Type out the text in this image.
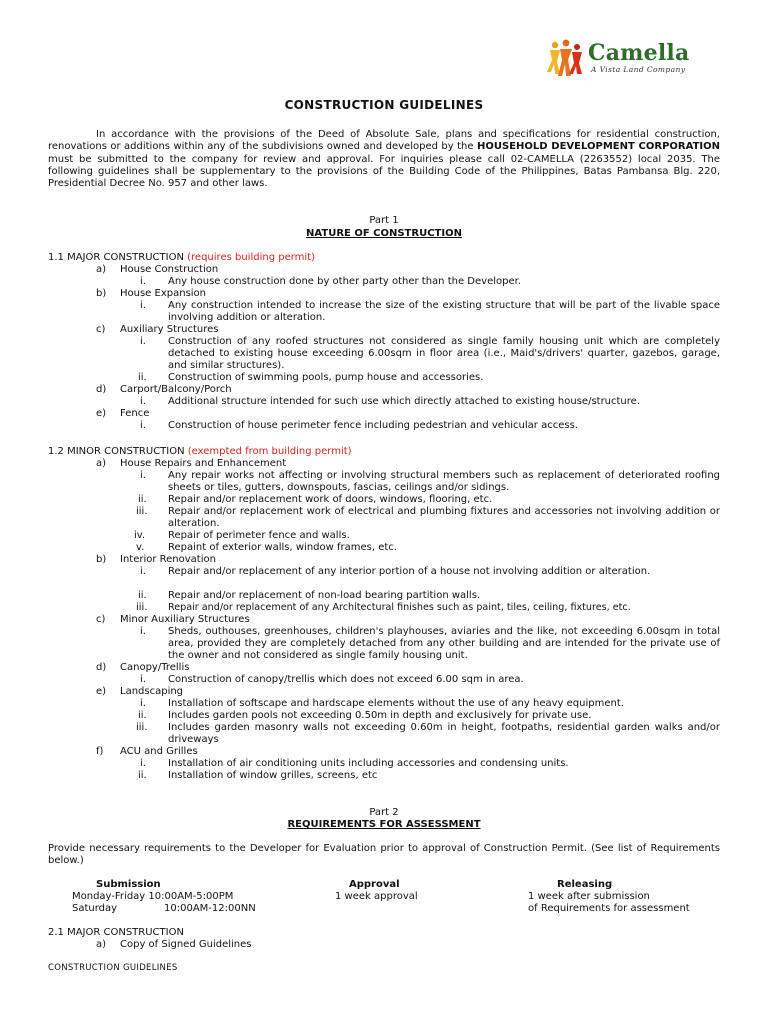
Camella
A Vista Land Company
CONSTRUCTION GUIDELINES
In accordance with the provisions of the Deed of Absolute Sale, plans and specifications for residential construction, renovations or additions within any of the subdivisions owned and developed by the HOUSEHOLD DEVELOPMENT CORPORATION must be submitted to the company for review and approval. For inquiries please call 02-CAMELLA (2263552) local 2035. The following guidelines shall be supplementary to the provisions of the Building Code of the Philippines, Batas Pambansa Blg. 220, Presidential Decree No. 957 and other laws.
Part 1
NATURE OF CONSTRUCTION
1.1 MAJOR CONSTRUCTION (requires building permit)
a) House Construction
i. Any house construction done by other party other than the Developer.
b) House Expansion
i. Any construction intended to increase the size of the existing structure that will be part of the livable space involving addition or alteration.
c) Auxiliary Structures
i. Construction of any roofed structures not considered as single family housing unit which are completely detached to existing house exceeding 6.00sqm in floor area (i.e., Maid's/drivers' quarter, gazebos, garage, and similar structures).
ii. Construction of swimming pools, pump house and accessories.
d) Carport/Balcony/Porch
i. Additional structure intended for such use which directly attached to existing house/structure.
e) Fence
i. Construction of house perimeter fence including pedestrian and vehicular access.
1.2 MINOR CONSTRUCTION (exempted from building permit)
a) House Repairs and Enhancement
i. Any repair works not affecting or involving structural members such as replacement of deteriorated roofing sheets or tiles, gutters, downspouts, fascias, ceilings and/or sidings.
ii. Repair and/or replacement work of doors, windows, flooring, etc.
iii. Repair and/or replacement work of electrical and plumbing fixtures and accessories not involving addition or alteration.
iv. Repair of perimeter fence and walls.
v. Repaint of exterior walls, window frames, etc.
b) Interior Renovation
i. Repair and/or replacement of any interior portion of a house not involving addition or alteration.
ii. Repair and/or replacement of non-load bearing partition walls.
iii. Repair and/or replacement of any Architectural finishes such as paint, tiles, ceiling, fixtures, etc.
c) Minor Auxiliary Structures
i. Sheds, outhouses, greenhouses, children's playhouses, aviaries and the like, not exceeding 6.00sqm in total area, provided they are completely detached from any other building and are intended for the private use of the owner and not considered as single family housing unit.
d) Canopy/Trellis
i. Construction of canopy/trellis which does not exceed 6.00 sqm in area.
e) Landscaping
i. Installation of softscape and hardscape elements without the use of any heavy equipment.
ii. Includes garden pools not exceeding 0.50m in depth and exclusively for private use.
iii. Includes garden masonry walls not exceeding 0.60m in height, footpaths, residential garden walks and/or driveways
f) ACU and Grilles
i. Installation of air conditioning units including accessories and condensing units.
ii. Installation of window grilles, screens, etc
Part 2
REQUIREMENTS FOR ASSESSMENT
Provide necessary requirements to the Developer for Evaluation prior to approval of Construction Permit. (See list of Requirements below.)
Submission
Monday-Friday 10:00AM-5:00PM
Saturday	10:00AM-12:00NN
Approval
1 week approval
Releasing
1 week after submission
of Requirements for assessment
2.1 MAJOR CONSTRUCTION
a) Copy of Signed Guidelines
CONSTRUCTION GUIDELINES
